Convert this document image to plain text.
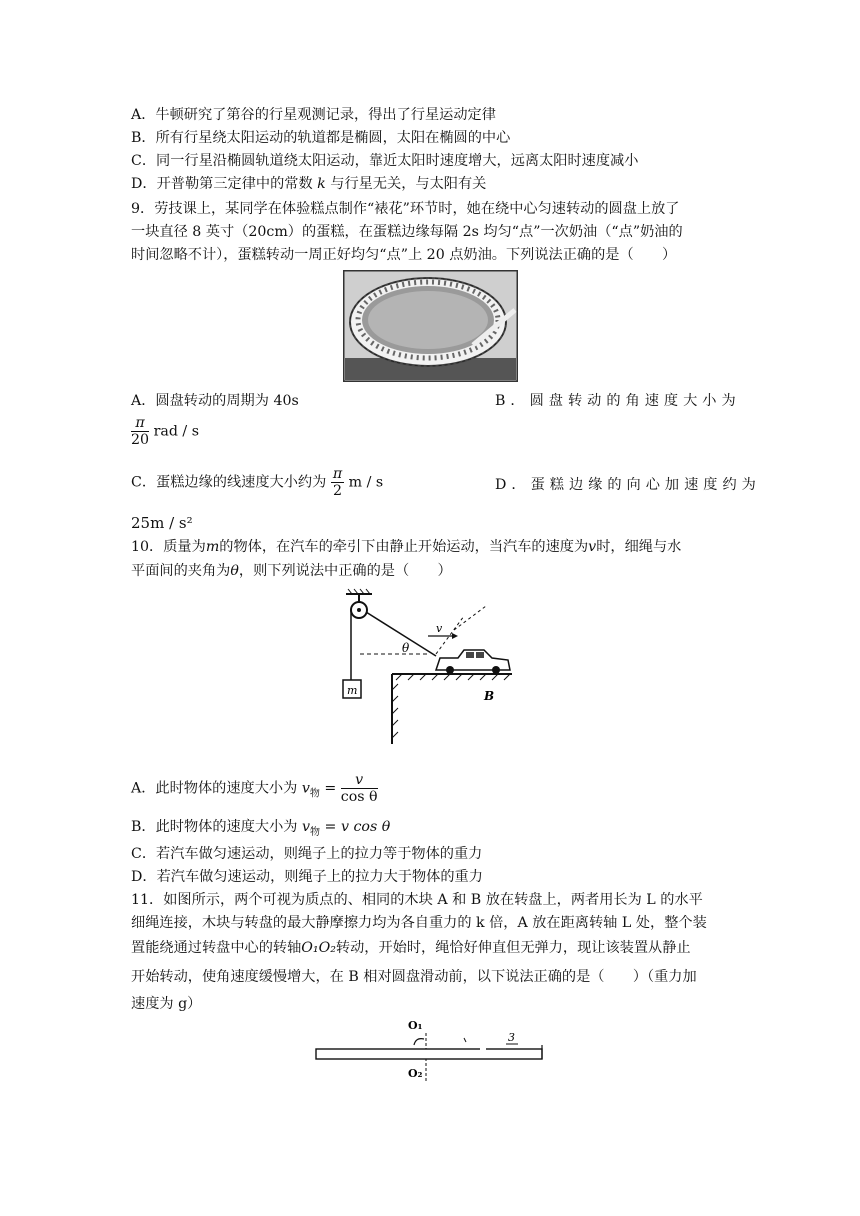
A．牛顿研究了第谷的行星观测记录，得出了行星运动定律
B．所有行星绕太阳运动的轨道都是椭圆，太阳在椭圆的中心
C．同一行星沿椭圆轨道绕太阳运动，靠近太阳时速度增大，远离太阳时速度减小
D．开普勒第三定律中的常数 k 与行星无关，与太阳有关
9．劳技课上，某同学在体验糕点制作“裱花”环节时，她在绕中心匀速转动的圆盘上放了
一块直径 8 英寸（20cm）的蛋糕，在蛋糕边缘每隔 2s 均匀“点”一次奶油（“点”奶油的
时间忽略不计），蛋糕转动一周正好均匀“点”上 20 点奶油。下列说法正确的是（　　）
A．圆盘转动的周期为 40s	B．圆盘转动的角速度大小为
$\frac{\pi}{20}$ rad / s
C．蛋糕边缘的线速度大小约为 $\frac{\pi}{2}$ m / s	D．蛋糕边缘的向心加速度约为
25m / s²
10．质量为m的物体，在汽车的牵引下由静止开始运动，当汽车的速度为v时，细绳与水
平面间的夹角为θ，则下列说法中正确的是（　　）
m
θ
v
B
A．此时物体的速度大小为 $v_物 = \frac{v}{\text{cos θ}}$
B．此时物体的速度大小为 $v_物 = v$ cos θ
C．若汽车做匀速运动，则绳子上的拉力等于物体的重力
D．若汽车做匀速运动，则绳子上的拉力大于物体的重力
11．如图所示，两个可视为质点的、相同的木块 A 和 B 放在转盘上，两者用长为 L 的水平
细绳连接，木块与转盘的最大静摩擦力均为各自重力的 k 倍，A 放在距离转轴 L 处，整个装
置能绕通过转盘中心的转轴O₁O₂转动，开始时，绳恰好伸直但无弹力，现让该装置从静止
开始转动，使角速度缓慢增大，在 B 相对圆盘滑动前，以下说法正确的是（　　）（重力加
速度为 g）
O₁
O₂
3
